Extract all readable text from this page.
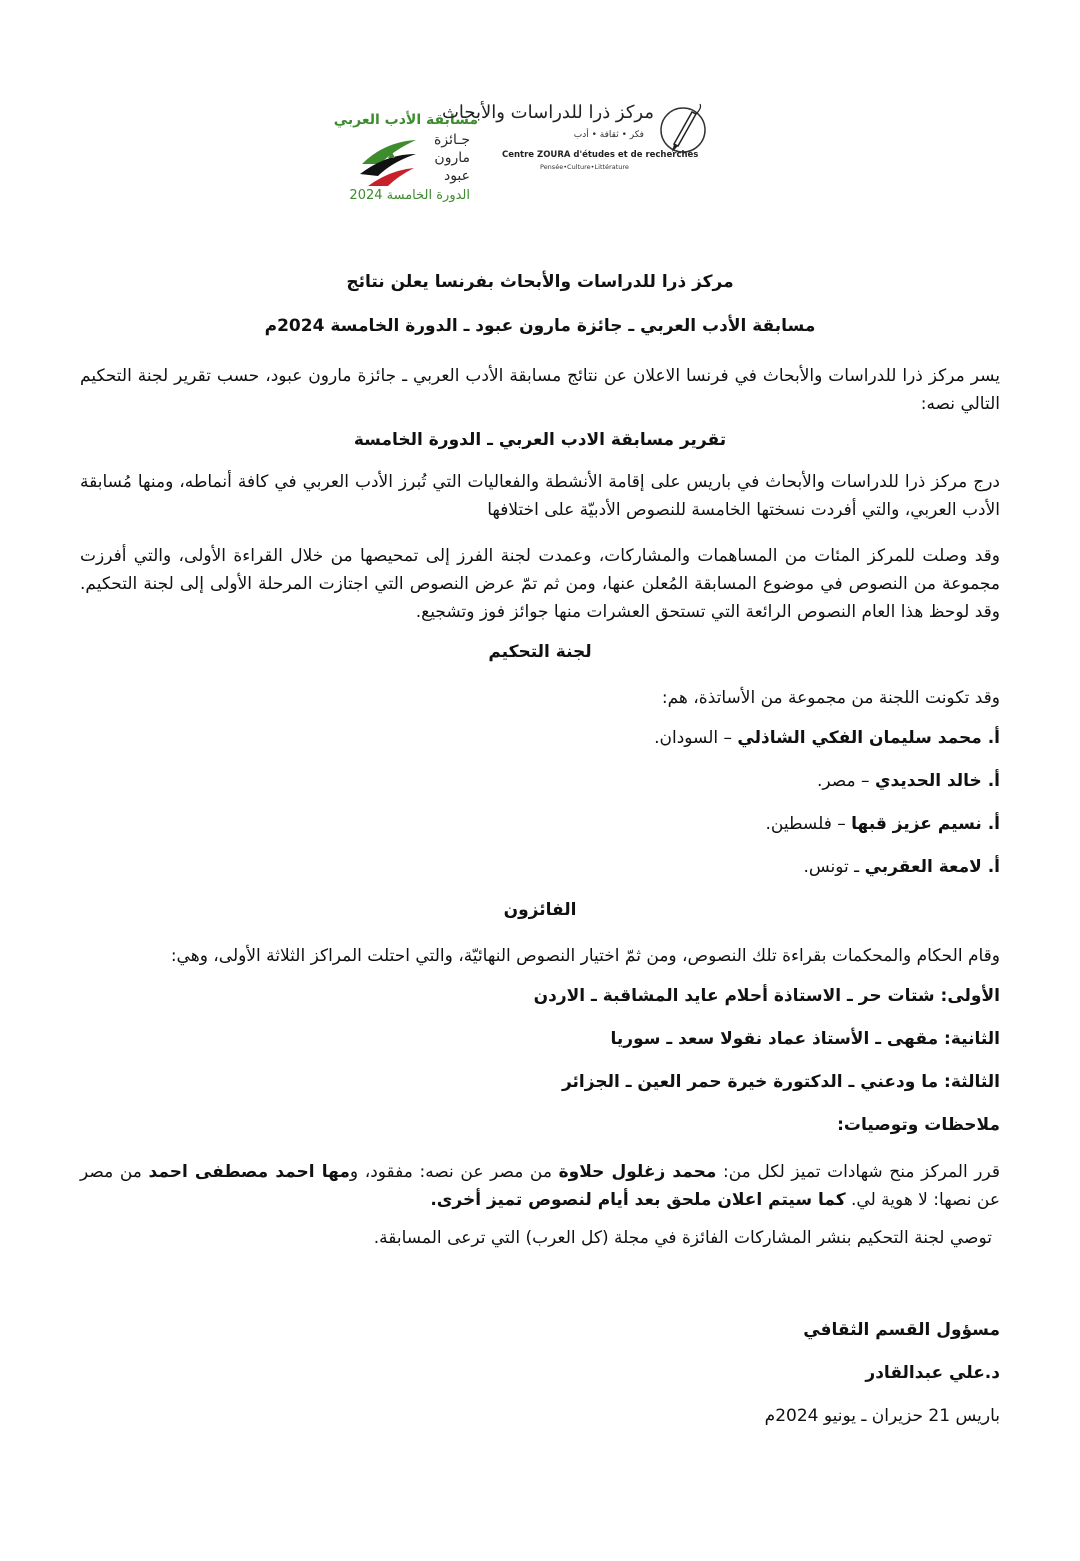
مسابقة الأدب العربي
جـائزة
مارون
عبود
الدورة الخامسة 2024
مركز ذرا للدراسات والأبحاث
فكر • ثقافة • أدب
Centre ZOURA d'études et de recherches
Pensée•Culture•Littérature
مركز ذرا للدراسات والأبحاث بفرنسا يعلن نتائج
مسابقة الأدب العربي ـ جائزة مارون عبود ـ الدورة الخامسة 2024م

يسر مركز ذرا للدراسات والأبحاث في فرنسا الاعلان عن نتائج مسابقة الأدب العربي ـ جائزة مارون عبود، حسب تقرير لجنة التحكيم التالي نصه:

تقرير مسابقة الادب العربي ـ الدورة الخامسة

درج مركز ذرا للدراسات والأبحاث في باريس على إقامة الأنشطة والفعاليات التي تُبرز الأدب العربي في كافة أنماطه، ومنها مُسابقة الأدب العربي، والتي أفردت نسختها الخامسة للنصوص الأدبيّة على اختلافها

وقد وصلت للمركز المئات من المساهمات والمشاركات، وعمدت لجنة الفرز إلى تمحيصها من خلال القراءة الأولى، والتي أفرزت مجموعة من النصوص في موضوع المسابقة المُعلن عنها، ومن ثم تمّ عرض النصوص التي اجتازت المرحلة الأولى إلى لجنة التحكيم. وقد لوحظ هذا العام النصوص الرائعة التي تستحق العشرات منها جوائز فوز وتشجيع.

لجنة التحكيم

وقد تكونت اللجنة من مجموعة من الأساتذة، هم:

أ. محمد سليمان الفكي الشاذلي – السودان.
أ. خالد الحديدي – مصر.
أ. نسيم عزيز قبها – فلسطين.
أ. لامعة العقربي ـ تونس.
الفائزون

وقام الحكام والمحكمات بقراءة تلك النصوص، ومن ثمّ اختيار النصوص النهائيّة، والتي احتلت المراكز الثلاثة الأولى، وهي:

الأولى: شتات حر ـ الاستاذة أحلام عايد المشاقبة ـ الاردن
الثانية: مقهى ـ الأستاذ عماد نقولا سعد ـ سوريا
الثالثة: ما ودعني ـ الدكتورة خيرة حمر العين ـ الجزائر
ملاحظات وتوصيات:

قرر المركز منح شهادات تميز لكل من: محمد زغلول حلاوة من مصر عن نصه: مفقود، ومها احمد مصطفى احمد من مصر عن نصها: لا هوية لي. كما سيتم اعلان ملحق بعد أيام لنصوص تميز أخرى.

توصي لجنة التحكيم بنشر المشاركات الفائزة في مجلة (كل العرب) التي ترعى المسابقة.
مسؤول القسم الثقافي
د.علي عبدالقادر
باريس 21 حزيران ـ يونيو 2024م
